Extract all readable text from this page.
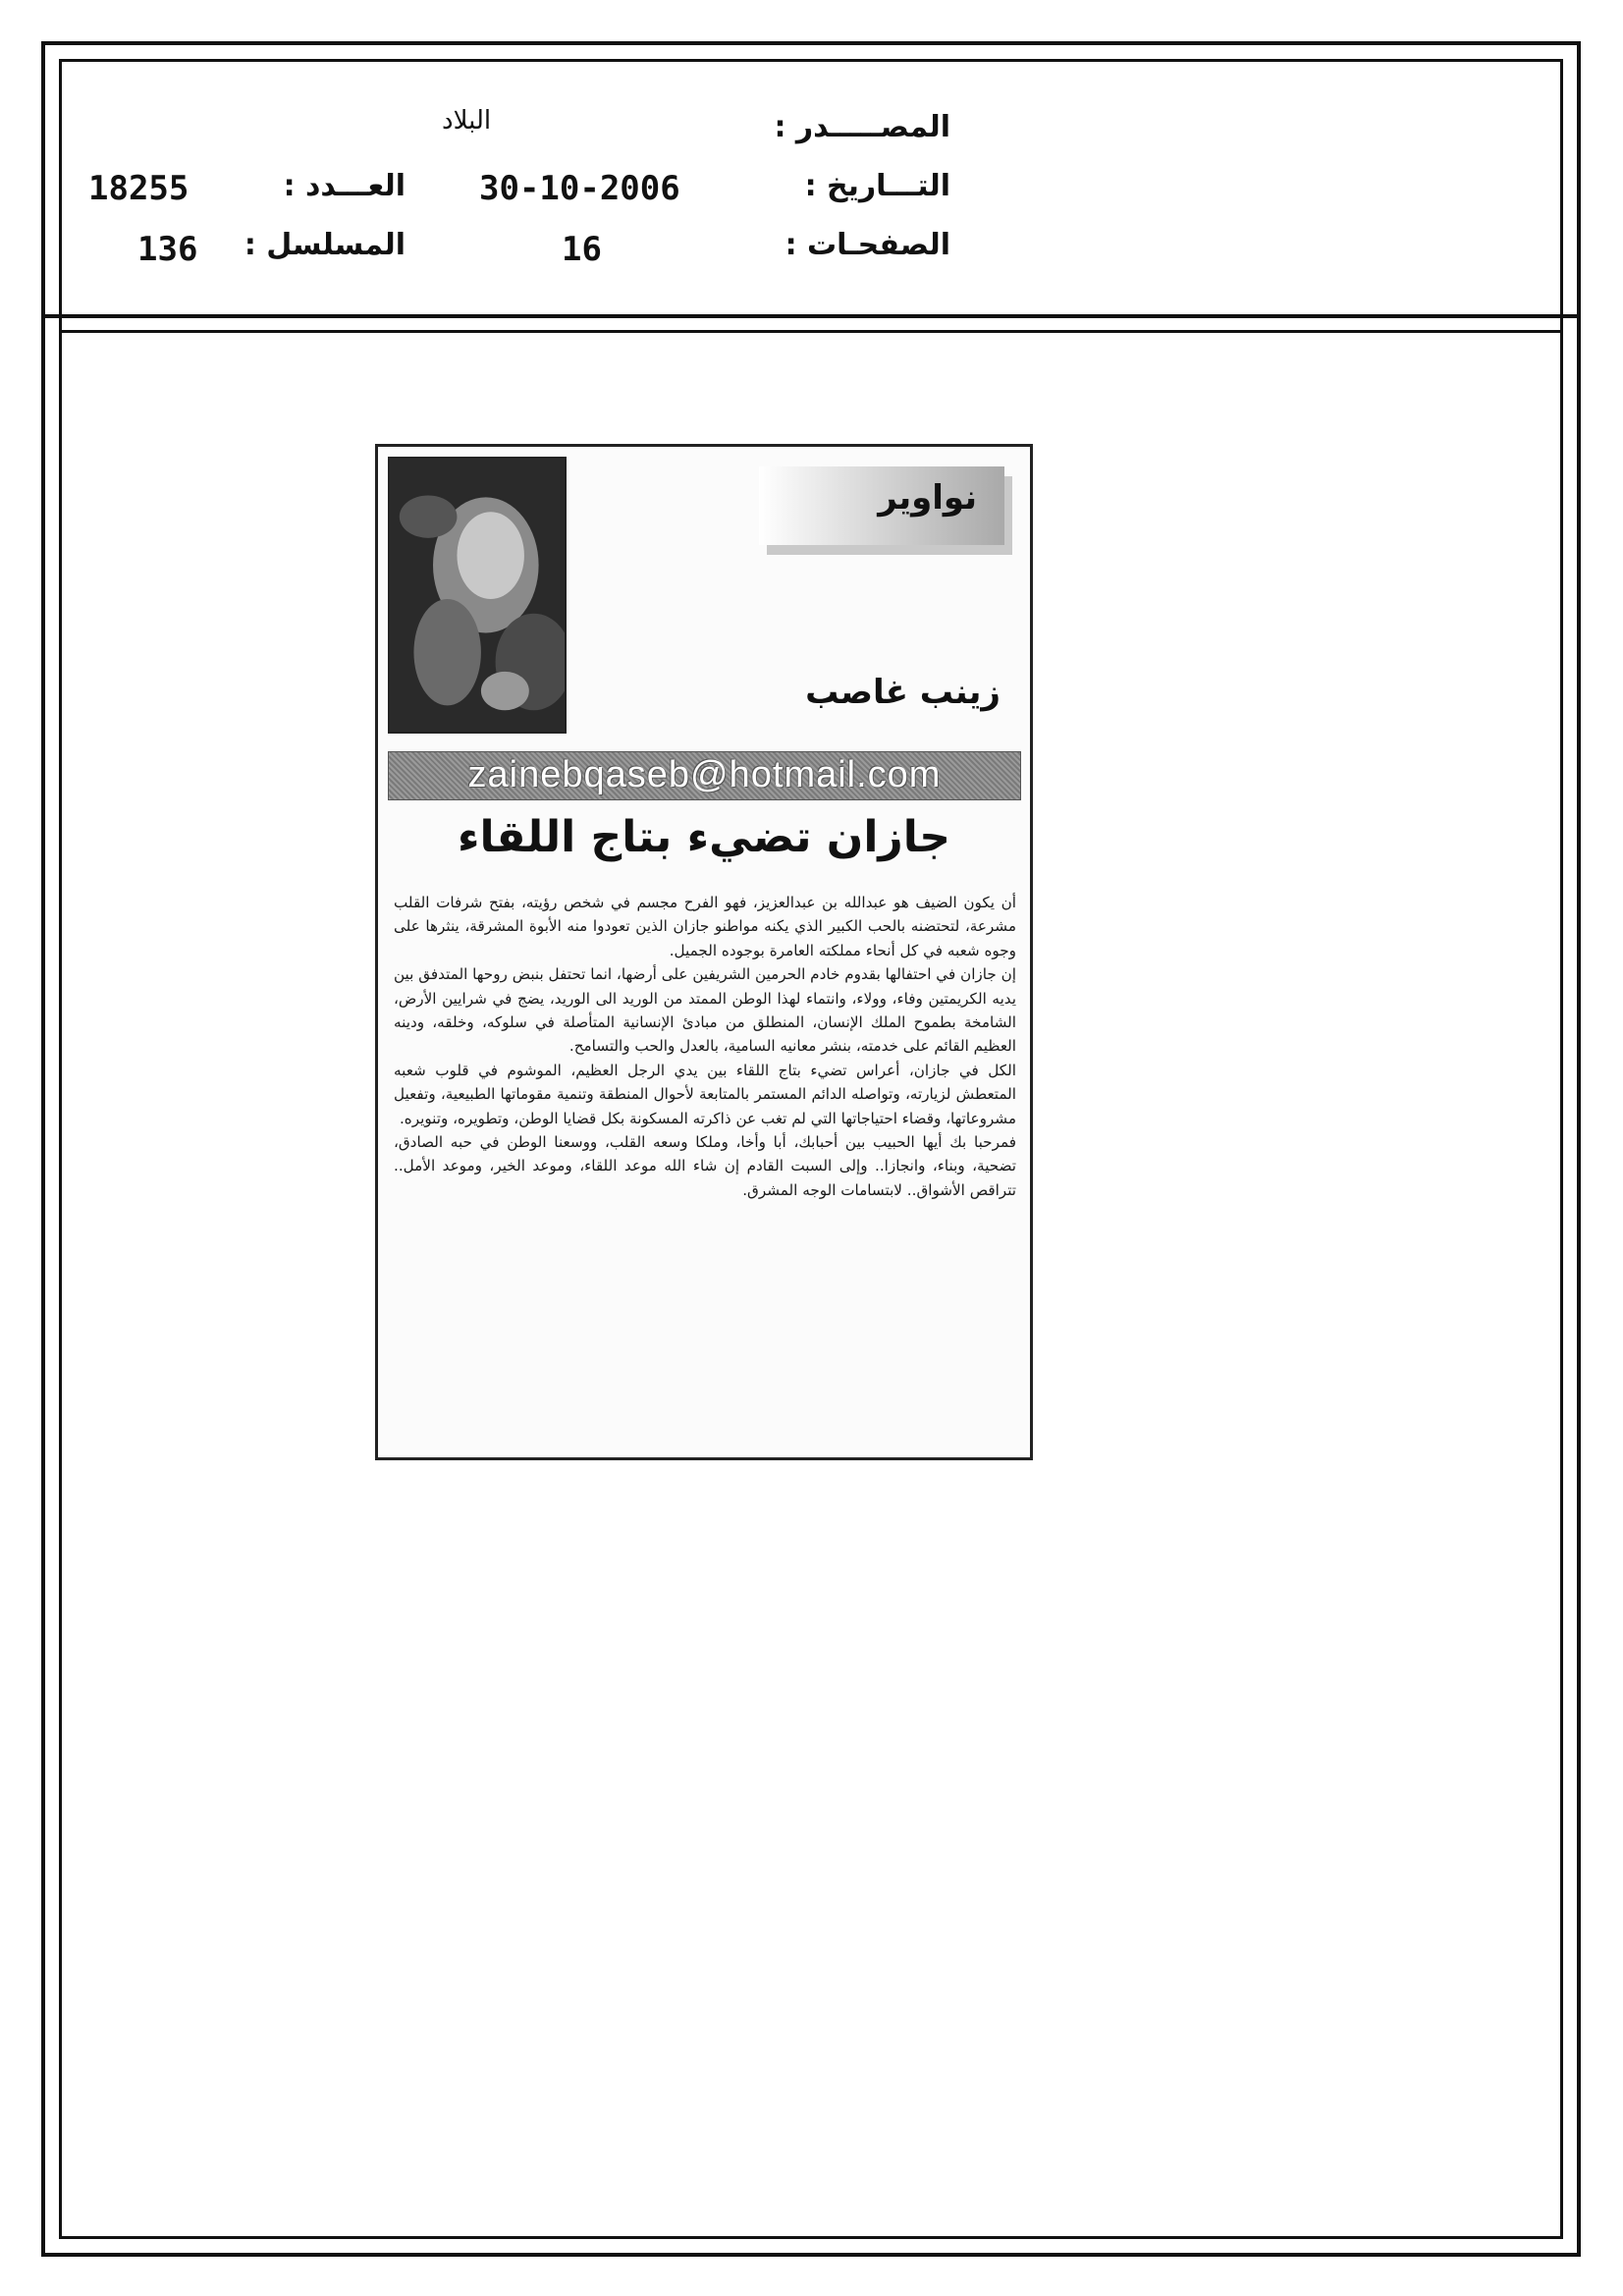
المصـــــدر :
البلاد
التـــاريخ :
30-10-2006
العـــدد :
18255
الصفحـات :
16
المسلسل :
136
نواوير
زينب غاصب
zainebqaseb@hotmail.com
جازان تضيء بتاج اللقاء

أن يكون الضيف هو عبدالله بن عبدالعزيز، فهو الفرح مجسم في شخص رؤيته، بفتح شرفات القلب مشرعة، لتحتضنه بالحب الكبير الذي يكنه مواطنو جازان الذين تعودوا منه الأبوة المشرقة، ينثرها على وجوه شعبه في كل أنحاء مملكته العامرة بوجوده الجميل.

إن جازان في احتفالها بقدوم خادم الحرمين الشريفين على أرضها، انما تحتفل بنبض روحها المتدفق بين يديه الكريمتين وفاء، وولاء، وانتماء لهذا الوطن الممتد من الوريد الى الوريد، يضج في شرايين الأرض، الشامخة بطموح الملك الإنسان، المنطلق من مبادئ الإنسانية المتأصلة في سلوكه، وخلقه، ودينه العظيم القائم على خدمته، بنشر معانيه السامية، بالعدل والحب والتسامح.

الكل في جازان، أعراس تضيء بتاج اللقاء بين يدي الرجل العظيم، الموشوم في قلوب شعبه المتعطش لزيارته، وتواصله الدائم المستمر بالمتابعة لأحوال المنطقة وتنمية مقوماتها الطبيعية، وتفعيل مشروعاتها، وقضاء احتياجاتها التي لم تغب عن ذاكرته المسكونة بكل قضايا الوطن، وتطويره، وتنويره.

فمرحبا بك أيها الحبيب بين أحبابك، أبا وأخا، وملكا وسعه القلب، ووسعنا الوطن في حبه الصادق، تضحية، وبناء، وانجازا.. وإلى السبت القادم إن شاء الله موعد اللقاء، وموعد الخير، وموعد الأمل.. تتراقص الأشواق.. لابتسامات الوجه المشرق.
